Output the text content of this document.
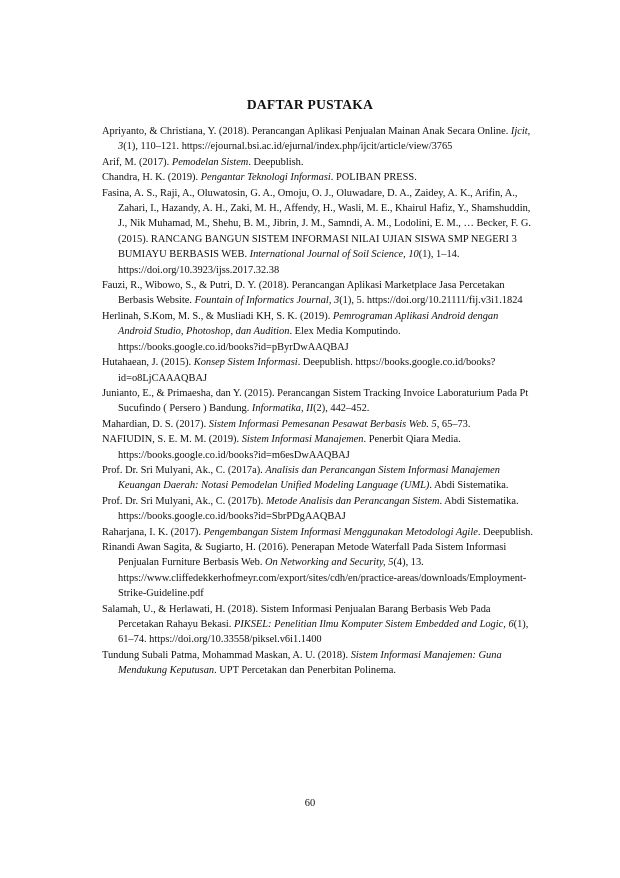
DAFTAR PUSTAKA
Apriyanto, & Christiana, Y. (2018). Perancangan Aplikasi Penjualan Mainan Anak Secara Online. Ijcit, 3(1), 110–121. https://ejournal.bsi.ac.id/ejurnal/index.php/ijcit/article/view/3765
Arif, M. (2017). Pemodelan Sistem. Deepublish.
Chandra, H. K. (2019). Pengantar Teknologi Informasi. POLIBAN PRESS.
Fasina, A. S., Raji, A., Oluwatosin, G. A., Omoju, O. J., Oluwadare, D. A., Zaidey, A. K., Arifin, A., Zahari, I., Hazandy, A. H., Zaki, M. H., Affendy, H., Wasli, M. E., Khairul Hafiz, Y., Shamshuddin, J., Nik Muhamad, M., Shehu, B. M., Jibrin, J. M., Samndi, A. M., Lodolini, E. M., … Becker, F. G. (2015). RANCANG BANGUN SISTEM INFORMASI NILAI UJIAN SISWA SMP NEGERI 3 BUMIAYU BERBASIS WEB. International Journal of Soil Science, 10(1), 1–14. https://doi.org/10.3923/ijss.2017.32.38
Fauzi, R., Wibowo, S., & Putri, D. Y. (2018). Perancangan Aplikasi Marketplace Jasa Percetakan Berbasis Website. Fountain of Informatics Journal, 3(1), 5. https://doi.org/10.21111/fij.v3i1.1824
Herlinah, S.Kom, M. S., & Musliadi KH, S. K. (2019). Pemrograman Aplikasi Android dengan Android Studio, Photoshop, dan Audition. Elex Media Komputindo. https://books.google.co.id/books?id=pByrDwAAQBAJ
Hutahaean, J. (2015). Konsep Sistem Informasi. Deepublish. https://books.google.co.id/books?id=o8LjCAAAQBAJ
Junianto, E., & Primaesha, dan Y. (2015). Perancangan Sistem Tracking Invoice Laboraturium Pada Pt Sucufindo ( Persero ) Bandung. Informatika, II(2), 442–452.
Mahardian, D. S. (2017). Sistem Informasi Pemesanan Pesawat Berbasis Web. 5, 65–73.
NAFIUDIN, S. E. M. M. (2019). Sistem Informasi Manajemen. Penerbit Qiara Media. https://books.google.co.id/books?id=m6esDwAAQBAJ
Prof. Dr. Sri Mulyani, Ak., C. (2017a). Analisis dan Perancangan Sistem Informasi Manajemen Keuangan Daerah: Notasi Pemodelan Unified Modeling Language (UML). Abdi Sistematika.
Prof. Dr. Sri Mulyani, Ak., C. (2017b). Metode Analisis dan Perancangan Sistem. Abdi Sistematika. https://books.google.co.id/books?id=SbrPDgAAQBAJ
Raharjana, I. K. (2017). Pengembangan Sistem Informasi Menggunakan Metodologi Agile. Deepublish.
Rinandi Awan Sagita, & Sugiarto, H. (2016). Penerapan Metode Waterfall Pada Sistem Informasi Penjualan Furniture Berbasis Web. On Networking and Security, 5(4), 13. https://www.cliffedekkerhofmeyr.com/export/sites/cdh/en/practice-areas/downloads/Employment-Strike-Guideline.pdf
Salamah, U., & Herlawati, H. (2018). Sistem Informasi Penjualan Barang Berbasis Web Pada Percetakan Rahayu Bekasi. PIKSEL: Penelitian Ilmu Komputer Sistem Embedded and Logic, 6(1), 61–74. https://doi.org/10.33558/piksel.v6i1.1400
Tundung Subali Patma, Mohammad Maskan, A. U. (2018). Sistem Informasi Manajemen: Guna Mendukung Keputusan. UPT Percetakan dan Penerbitan Polinema.
60
